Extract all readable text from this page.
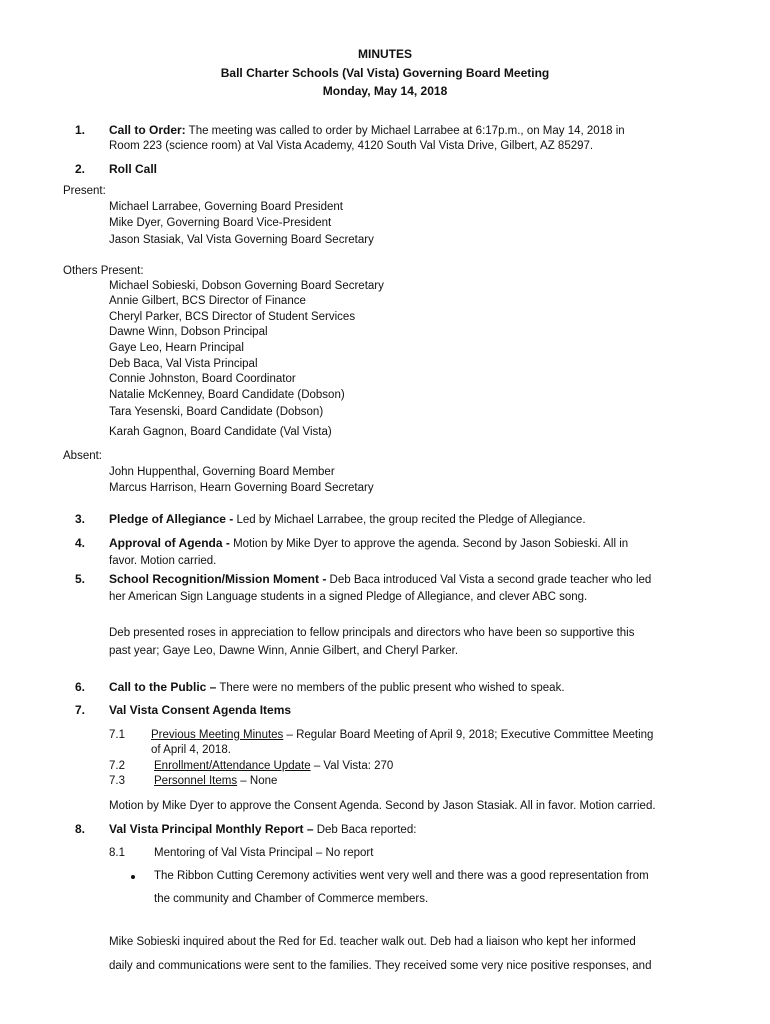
MINUTES
Ball Charter Schools (Val Vista) Governing Board Meeting
Monday, May 14, 2018
1. Call to Order: The meeting was called to order by Michael Larrabee at 6:17p.m., on May 14, 2018 in
Room 223 (science room) at Val Vista Academy, 4120 South Val Vista Drive, Gilbert, AZ 85297.
2. Roll Call
Present:
Michael Larrabee, Governing Board President
Mike Dyer, Governing Board Vice-President
Jason Stasiak, Val Vista Governing Board Secretary
Others Present:
Michael Sobieski, Dobson Governing Board Secretary
Annie Gilbert, BCS Director of Finance
Cheryl Parker, BCS Director of Student Services
Dawne Winn, Dobson Principal
Gaye Leo, Hearn Principal
Deb Baca, Val Vista Principal
Connie Johnston, Board Coordinator
Natalie McKenney, Board Candidate (Dobson)
Tara Yesenski, Board Candidate (Dobson)
Karah Gagnon, Board Candidate (Val Vista)
Absent:
John Huppenthal, Governing Board Member
Marcus Harrison, Hearn Governing Board Secretary
3. Pledge of Allegiance - Led by Michael Larrabee, the group recited the Pledge of Allegiance.
4. Approval of Agenda - Motion by Mike Dyer to approve the agenda. Second by Jason Sobieski. All in
favor. Motion carried.
5. School Recognition/Mission Moment - Deb Baca introduced Val Vista a second grade teacher who led
her American Sign Language students in a signed Pledge of Allegiance, and clever ABC song.
Deb presented roses in appreciation to fellow principals and directors who have been so supportive this
past year; Gaye Leo, Dawne Winn, Annie Gilbert, and Cheryl Parker.
6. Call to the Public – There were no members of the public present who wished to speak.
7. Val Vista Consent Agenda Items
7.1 Previous Meeting Minutes – Regular Board Meeting of April 9, 2018; Executive Committee Meeting
of April 4, 2018.
7.2	Enrollment/Attendance Update – Val Vista: 270
7.3	Personnel Items – None
Motion by Mike Dyer to approve the Consent Agenda. Second by Jason Stasiak. All in favor. Motion carried.
8. Val Vista Principal Monthly Report – Deb Baca reported:
8.1	Mentoring of Val Vista Principal – No report
The Ribbon Cutting Ceremony activities went very well and there was a good representation from
the community and Chamber of Commerce members.
Mike Sobieski inquired about the Red for Ed. teacher walk out. Deb had a liaison who kept her informed
daily and communications were sent to the families. They received some very nice positive responses, and
